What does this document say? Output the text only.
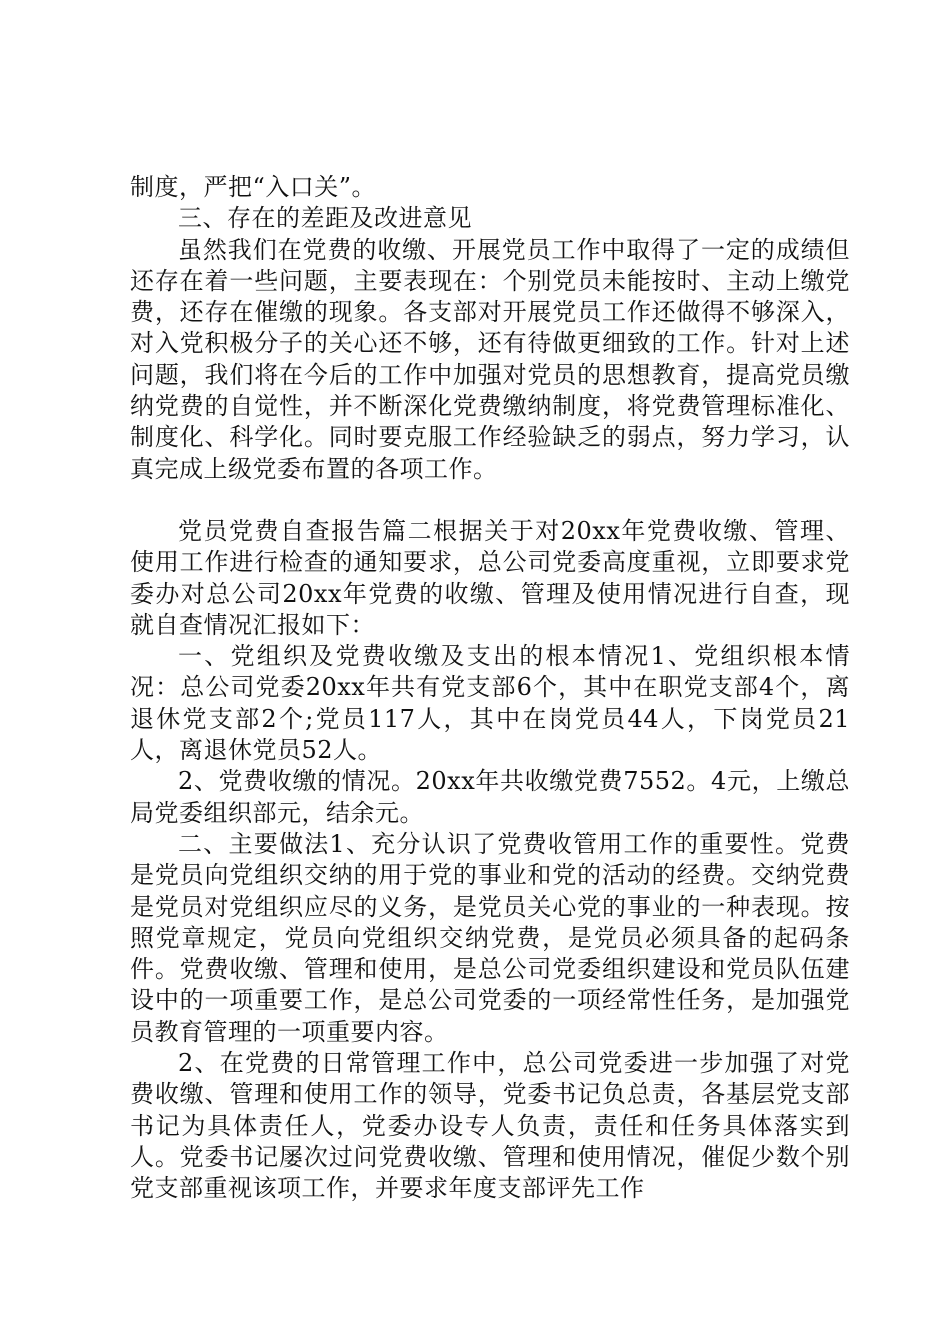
制度，严把“入口关”。

三、存在的差距及改进意见

虽然我们在党费的收缴、开展党员工作中取得了一定的成绩但还存在着一些问题，主要表现在：个别党员未能按时、主动上缴党费，还存在催缴的现象。各支部对开展党员工作还做得不够深入，对入党积极分子的关心还不够，还有待做更细致的工作。针对上述问题，我们将在今后的工作中加强对党员的思想教育，提高党员缴纳党费的自觉性，并不断深化党费缴纳制度，将党费管理标准化、制度化、科学化。同时要克服工作经验缺乏的弱点，努力学习，认真完成上级党委布置的各项工作。

党员党费自查报告篇二根据关于对20xx年党费收缴、管理、使用工作进行检查的通知要求，总公司党委高度重视，立即要求党委办对总公司20xx年党费的收缴、管理及使用情况进行自查，现就自查情况汇报如下：

一、党组织及党费收缴及支出的根本情况1、党组织根本情况：总公司党委20xx年共有党支部6个，其中在职党支部4个，离退休党支部2个;党员117人，其中在岗党员44人，下岗党员21人，离退休党员52人。

2、党费收缴的情况。20xx年共收缴党费7552。4元，上缴总局党委组织部元，结余元。

二、主要做法1、充分认识了党费收管用工作的重要性。党费是党员向党组织交纳的用于党的事业和党的活动的经费。交纳党费是党员对党组织应尽的义务，是党员关心党的事业的一种表现。按照党章规定，党员向党组织交纳党费，是党员必须具备的起码条件。党费收缴、管理和使用，是总公司党委组织建设和党员队伍建设中的一项重要工作，是总公司党委的一项经常性任务，是加强党员教育管理的一项重要内容。

2、在党费的日常管理工作中，总公司党委进一步加强了对党费收缴、管理和使用工作的领导，党委书记负总责，各基层党支部书记为具体责任人，党委办设专人负责，责任和任务具体落实到人。党委书记屡次过问党费收缴、管理和使用情况，催促少数个别党支部重视该项工作，并要求年度支部评先工作
